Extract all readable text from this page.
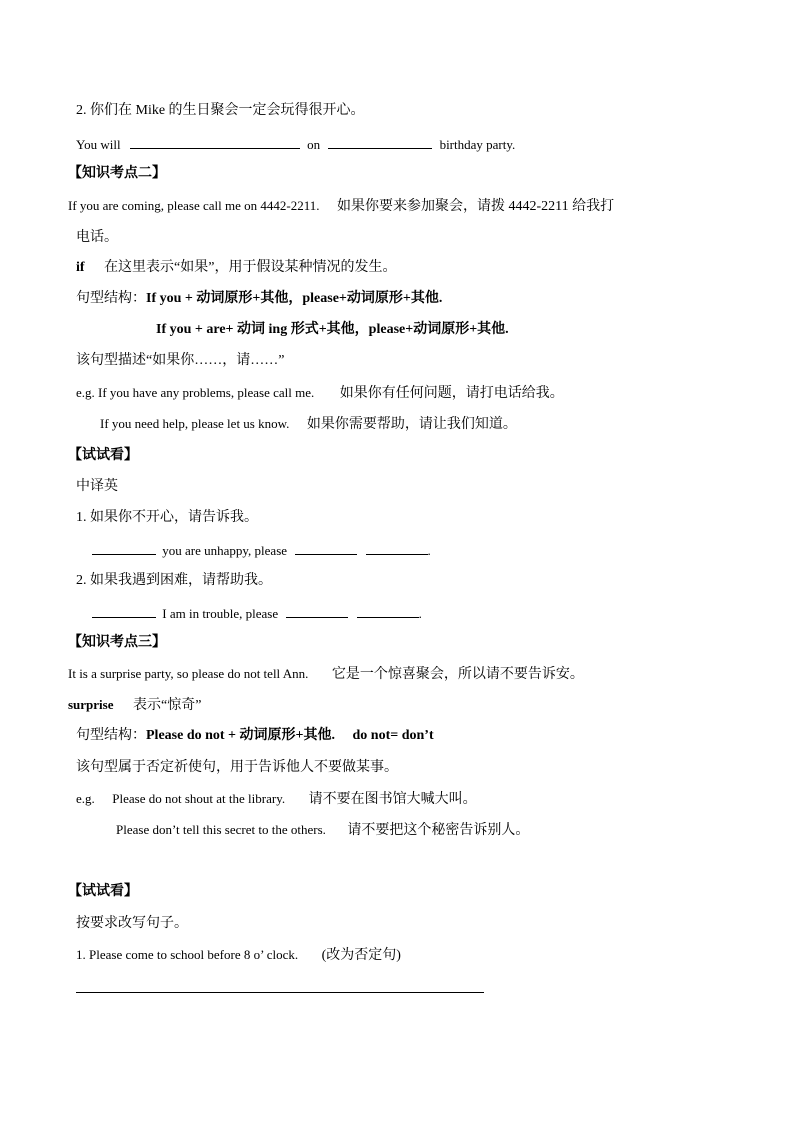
2. 你们在 Mike 的生日聚会一定会玩得很开心。
You will	on	birthday party.
【知识考点二】
If you are coming, please call me on 4442-2211. 如果你要来参加聚会，请拨 4442-2211 给我打
电话。
if 在这里表示“如果”，用于假设某种情况的发生。
句型结构：If you + 动词原形+其他，please+动词原形+其他.
If you + are+ 动词 ing 形式+其他，please+动词原形+其他.
该句型描述“如果你……，请……”
e.g. If you have any problems, please call me. 如果你有任何问题，请打电话给我。
If you need help, please let us know. 如果你需要帮助，请让我们知道。
【试试看】
中译英
1. 如果你不开心，请告诉我。
you are unhappy, please	.
2. 如果我遇到困难，请帮助我。
I am in trouble, please	.
【知识考点三】
It is a surprise party, so please do not tell Ann. 它是一个惊喜聚会，所以请不要告诉安。
surprise 表示“惊奇”
句型结构：Please do not + 动词原形+其他. do not= don’t
该句型属于否定祈使句，用于告诉他人不要做某事。
e.g. Please do not shout at the library. 请不要在图书馆大喊大叫。
Please don’t tell this secret to the others. 请不要把这个秘密告诉别人。
【试试看】
按要求改写句子。
1. Please come to school before 8 o’ clock. (改为否定句)
